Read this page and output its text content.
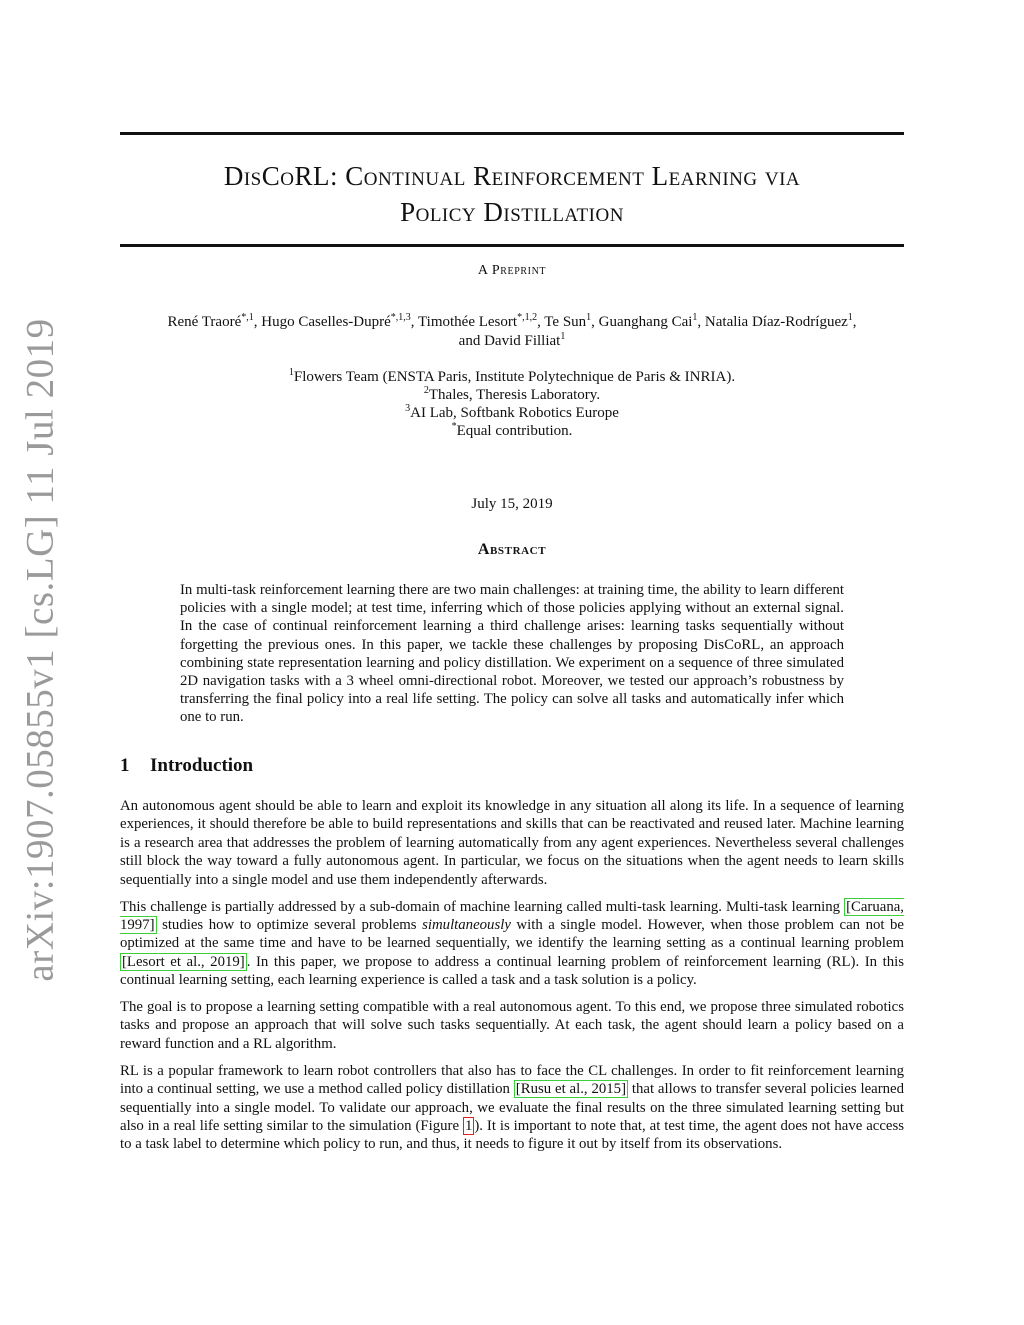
arXiv:1907.05855v1 [cs.LG] 11 Jul 2019
DisCoRL: Continual Reinforcement Learning via
Policy Distillation
A Preprint
René Traoré$^{*,1}$, Hugo Caselles-Dupré$^{*,1,3}$, Timothée Lesort$^{*,1,2}$, Te Sun$^1$, Guanghang Cai$^1$, Natalia Díaz-Rodríguez$^1$,
and David Filliat$^1$
$^1$Flowers Team (ENSTA Paris, Institute Polytechnique de Paris & INRIA).
$^2$Thales, Theresis Laboratory.
$^3$AI Lab, Softbank Robotics Europe
*Equal contribution.
July 15, 2019
Abstract

In multi-task reinforcement learning there are two main challenges: at training time, the ability to learn different policies with a single model; at test time, inferring which of those policies applying without an external signal. In the case of continual reinforcement learning a third challenge arises: learning tasks sequentially without forgetting the previous ones. In this paper, we tackle these challenges by proposing DisCoRL, an approach combining state representation learning and policy distillation. We experiment on a sequence of three simulated 2D navigation tasks with a 3 wheel omni-directional robot. Moreover, we tested our approach’s robustness by transferring the final policy into a real life setting. The policy can solve all tasks and automatically infer which one to run.

1 Introduction

An autonomous agent should be able to learn and exploit its knowledge in any situation all along its life. In a sequence of learning experiences, it should therefore be able to build representations and skills that can be reactivated and reused later. Machine learning is a research area that addresses the problem of learning automatically from any agent experiences. Nevertheless several challenges still block the way toward a fully autonomous agent. In particular, we focus on the situations when the agent needs to learn skills sequentially into a single model and use them independently afterwards.

This challenge is partially addressed by a sub-domain of machine learning called multi-task learning. Multi-task learning [Caruana, 1997] studies how to optimize several problems simultaneously with a single model. However, when those problem can not be optimized at the same time and have to be learned sequentially, we identify the learning setting as a continual learning problem [Lesort et al., 2019] . In this paper, we propose to address a continual learning problem of reinforcement learning (RL). In this continual learning setting, each learning experience is called a task and a task solution is a policy.

The goal is to propose a learning setting compatible with a real autonomous agent. To this end, we propose three simulated robotics tasks and propose an approach that will solve such tasks sequentially. At each task, the agent should learn a policy based on a reward function and a RL algorithm.

RL is a popular framework to learn robot controllers that also has to face the CL challenges. In order to fit reinforcement learning into a continual setting, we use a method called policy distillation [Rusu et al., 2015] that allows to transfer several policies learned sequentially into a single model. To validate our approach, we evaluate the final results on the three simulated learning setting but also in a real life setting similar to the simulation (Figure 1 ). It is important to note that, at test time, the agent does not have access to a task label to determine which policy to run, and thus, it needs to figure it out by itself from its observations.
